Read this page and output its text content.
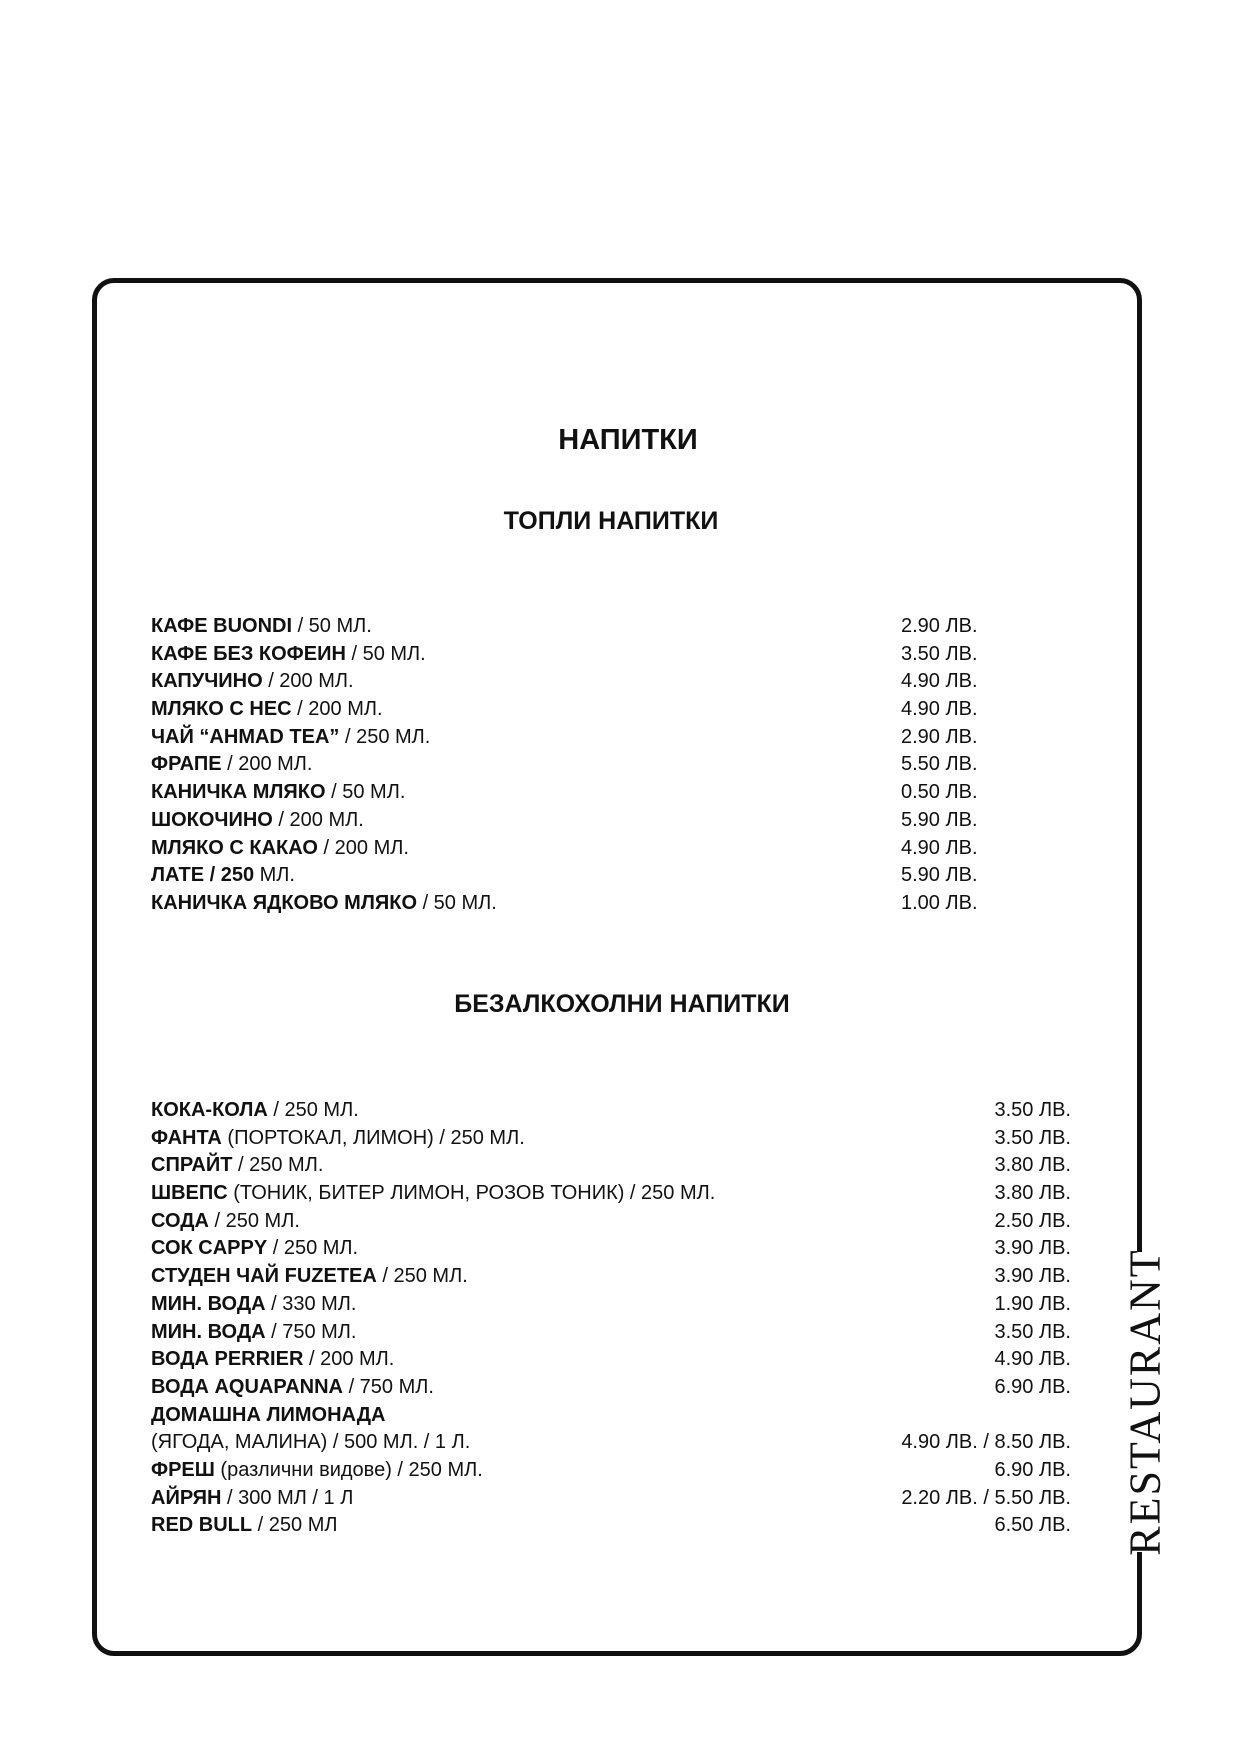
RESTAURANT
НАПИТКИ
ТОПЛИ НАПИТКИ
КАФЕ BUONDI / 50 МЛ.	2.90 ЛВ.
КАФЕ БЕЗ КОФЕИН / 50 МЛ.	3.50 ЛВ.
КАПУЧИНО / 200 МЛ.	4.90 ЛВ.
МЛЯКО С НЕС / 200 МЛ.	4.90 ЛВ.
ЧАЙ “AHMAD TEA” / 250 МЛ.	2.90 ЛВ.
ФРАПЕ / 200 МЛ.	5.50 ЛВ.
КАНИЧКА МЛЯКО / 50 МЛ.	0.50 ЛВ.
ШОКОЧИНО / 200 МЛ.	5.90 ЛВ.
МЛЯКО С КАКАО / 200 МЛ.	4.90 ЛВ.
ЛАТЕ / 250 МЛ.	5.90 ЛВ.
КАНИЧКА ЯДКОВО МЛЯКО / 50 МЛ.	1.00 ЛВ.
БЕЗАЛКОХОЛНИ НАПИТКИ
КОКА-КОЛА / 250 МЛ.	3.50 ЛВ.
ФАНТА (ПОРТОКАЛ, ЛИМОН) / 250 МЛ.	3.50 ЛВ.
СПРАЙТ / 250 МЛ.	3.80 ЛВ.
ШВЕПС (ТОНИК, БИТЕР ЛИМОН, РОЗОВ ТОНИК) / 250 МЛ.	3.80 ЛВ.
СОДА / 250 МЛ.	2.50 ЛВ.
СОК CAPPY / 250 МЛ.	3.90 ЛВ.
СТУДЕН ЧАЙ FUZETEA / 250 МЛ.	3.90 ЛВ.
МИН. ВОДА / 330 МЛ.	1.90 ЛВ.
МИН. ВОДА / 750 МЛ.	3.50 ЛВ.
ВОДА PERRIER / 200 МЛ.	4.90 ЛВ.
ВОДА AQUAPANNA / 750 МЛ.	6.90 ЛВ.
ДОМАШНА ЛИМОНАДА
(ЯГОДА, МАЛИНА) / 500 МЛ. / 1 Л.	4.90 ЛВ. / 8.50 ЛВ.
ФРЕШ (различни видове) / 250 МЛ.	6.90 ЛВ.
АЙРЯН / 300 МЛ / 1 Л	2.20 ЛВ. / 5.50 ЛВ.
RED BULL / 250 МЛ	6.50 ЛВ.
